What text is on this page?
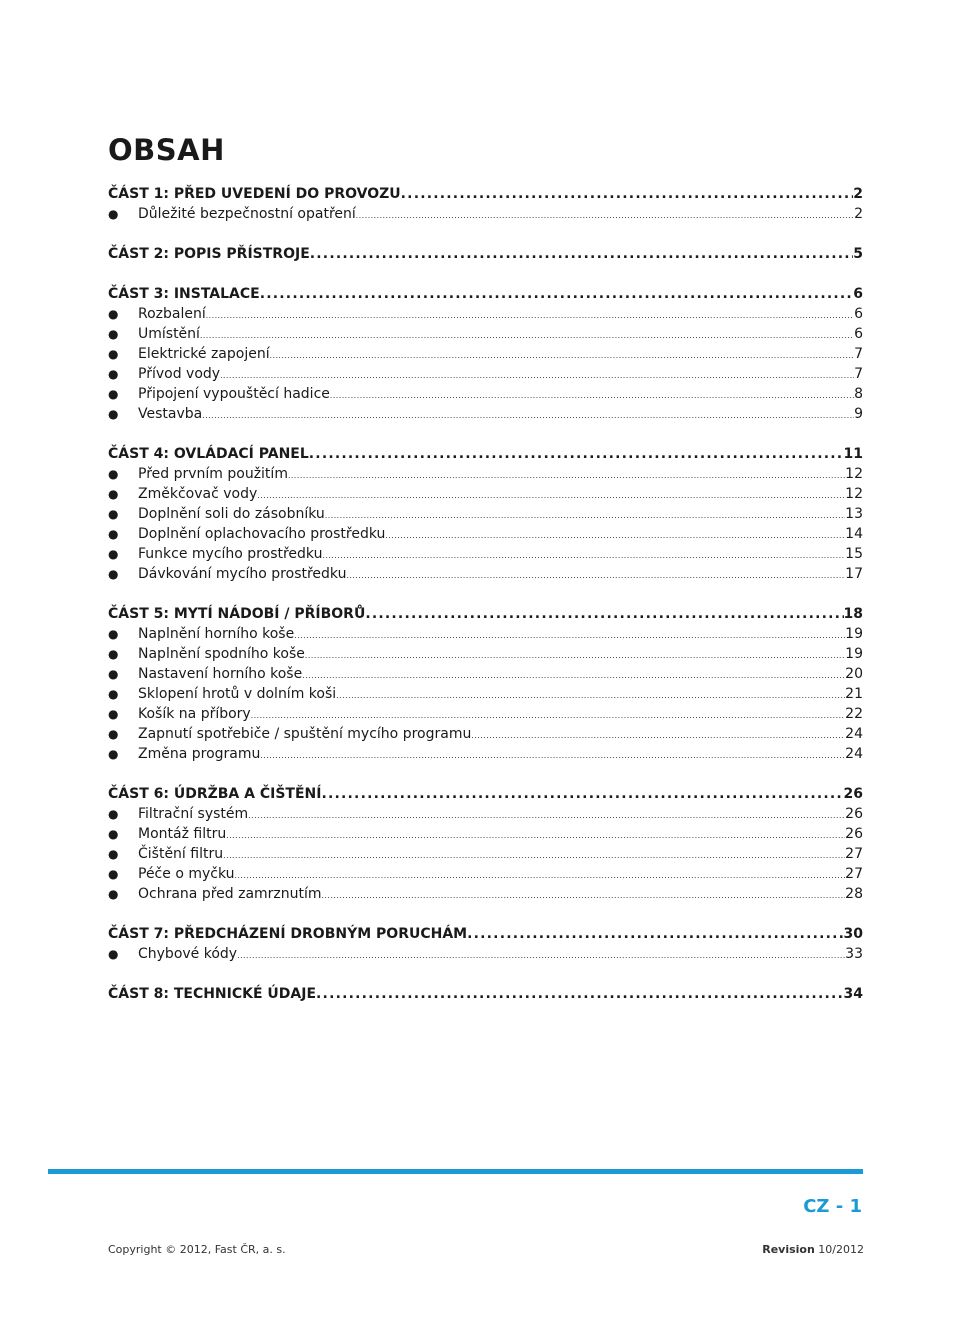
OBSAH
ČÁST 1: PŘED UVEDENÍ DO PROVOZU .....	2
●	Důležité bezpečnostní opatření .....	2
ČÁST 2: POPIS PŘÍSTROJE .....	5
ČÁST 3: INSTALACE .....	6
●	Rozbalení .....	6
●	Umístění .....	6
●	Elektrické zapojení .....	7
●	Přívod vody .....	7
●	Připojení vypouštěcí hadice .....	8
●	Vestavba .....	9
ČÁST 4: OVLÁDACÍ PANEL .....	11
●	Před prvním použitím .....	12
●	Změkčovač vody .....	12
●	Doplnění soli do zásobníku .....	13
●	Doplnění oplachovacího prostředku .....	14
●	Funkce mycího prostředku .....	15
●	Dávkování mycího prostředku .....	17
ČÁST 5: MYTÍ NÁDOBÍ / PŘÍBORŮ .....	18
●	Naplnění horního koše .....	19
●	Naplnění spodního koše .....	19
●	Nastavení horního koše .....	20
●	Sklopení hrotů v dolním koši .....	21
●	Košík na příbory .....	22
●	Zapnutí spotřebiče / spuštění mycího programu .....	24
●	Změna programu .....	24
ČÁST 6: ÚDRŽBA A ČIŠTĚNÍ .....	26
●	Filtrační systém .....	26
●	Montáž filtru .....	26
●	Čištění filtru .....	27
●	Péče o myčku .....	27
●	Ochrana před zamrznutím .....	28
ČÁST 7: PŘEDCHÁZENÍ DROBNÝM PORUCHÁM .....	30
●	Chybové kódy .....	33
ČÁST 8: TECHNICKÉ ÚDAJE .....	34
CZ - 1
Copyright © 2012, Fast ČR, a. s.	Revision 10/2012
